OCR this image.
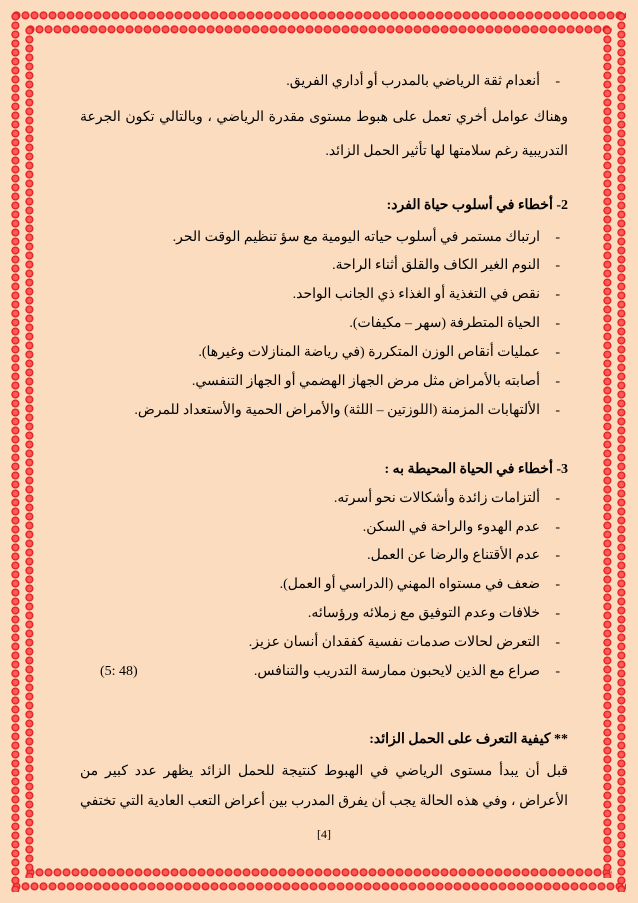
-
أنعدام ثقة الرياضي بالمدرب أو أداري الفريق.
وهناك عوامل أخري تعمل على هبوط مستوى مقدرة الرياضي ، وبالتالي تكون الجرعة
التدريبية رغم سلامتها لها تأثير الحمل الزائد.
2- أخطاء في أسلوب حياة الفرد:
-
ارتباك مستمر في أسلوب حياته اليومية مع سؤ تنظيم الوقت الحر.
-
النوم الغير الكاف والقلق أثناء الراحة.
-
نقص في التغذية أو الغذاء ذي الجانب الواحد.
-
الحياة المتطرفة (سهر – مكيفات).
-
عمليات أنقاص الوزن المتكررة (في رياضة المنازلات وغيرها).
-
أصابته بالأمراض مثل مرض الجهاز الهضمي أو الجهاز التنفسي.
-
الألتهابات المزمنة (اللوزتين – اللثة) والأمراض الحمية والأستعداد للمرض.
3- أخطاء في الحياة المحيطة به :
-
ألتزامات زائدة وأشكالات نحو أسرته.
-
عدم الهدوء والراحة في السكن.
-
عدم الأقتناع والرضا عن العمل.
-
ضعف في مستواه المهني (الدراسي أو العمل).
-
خلافات وعدم التوفيق مع زملائه ورؤسائه.
-
التعرض لحالات صدمات نفسية كفقدان أنسان عزيز.
-
صراع مع الذين لايحبون ممارسة التدريب والتنافس.
(5: 48)
** كيفية التعرف على الحمل الزائد:
قبل أن يبدأ مستوى الرياضي في الهبوط كنتيجة للحمل الزائد يظهر عدد كبير من
الأعراض ، وفي هذه الحالة يجب أن يفرق المدرب بين أعراض التعب العادية التي تختفي
[4]
